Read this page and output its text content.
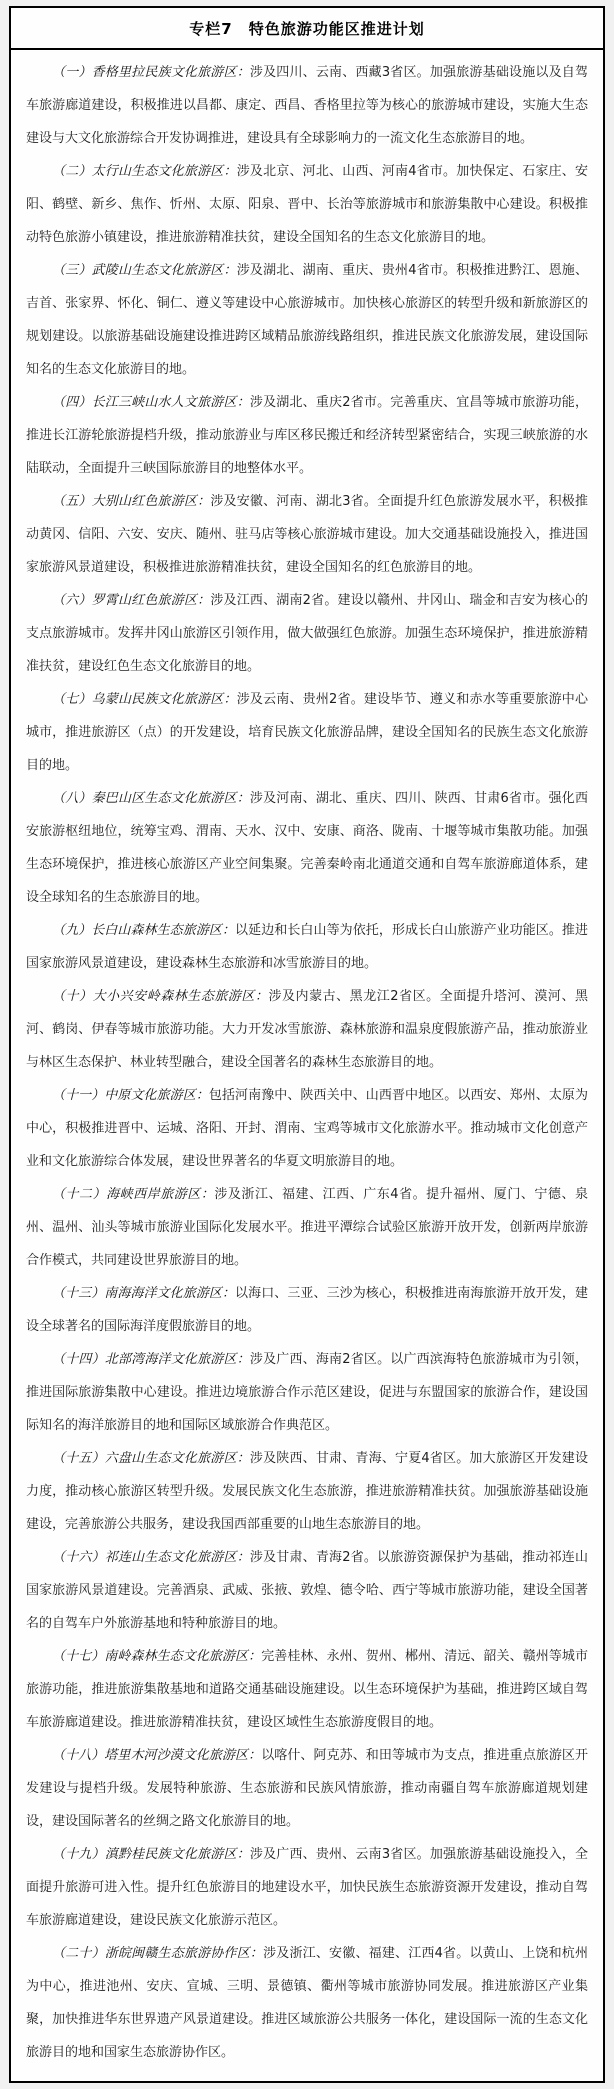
专栏7　特色旅游功能区推进计划

（一）香格里拉民族文化旅游区：涉及四川、云南、西藏3省区。加强旅游基础设施以及自驾车旅游廊道建设，积极推进以昌都、康定、西昌、香格里拉等为核心的旅游城市建设，实施大生态建设与大文化旅游综合开发协调推进，建设具有全球影响力的一流文化生态旅游目的地。

（二）太行山生态文化旅游区：涉及北京、河北、山西、河南4省市。加快保定、石家庄、安阳、鹤壁、新乡、焦作、忻州、太原、阳泉、晋中、长治等旅游城市和旅游集散中心建设。积极推动特色旅游小镇建设，推进旅游精准扶贫，建设全国知名的生态文化旅游目的地。

（三）武陵山生态文化旅游区：涉及湖北、湖南、重庆、贵州4省市。积极推进黔江、恩施、吉首、张家界、怀化、铜仁、遵义等建设中心旅游城市。加快核心旅游区的转型升级和新旅游区的规划建设。以旅游基础设施建设推进跨区域精品旅游线路组织，推进民族文化旅游发展，建设国际知名的生态文化旅游目的地。

（四）长江三峡山水人文旅游区：涉及湖北、重庆2省市。完善重庆、宜昌等城市旅游功能，推进长江游轮旅游提档升级，推动旅游业与库区移民搬迁和经济转型紧密结合，实现三峡旅游的水陆联动，全面提升三峡国际旅游目的地整体水平。

（五）大别山红色旅游区：涉及安徽、河南、湖北3省。全面提升红色旅游发展水平，积极推动黄冈、信阳、六安、安庆、随州、驻马店等核心旅游城市建设。加大交通基础设施投入，推进国家旅游风景道建设，积极推进旅游精准扶贫，建设全国知名的红色旅游目的地。

（六）罗霄山红色旅游区：涉及江西、湖南2省。建设以赣州、井冈山、瑞金和吉安为核心的支点旅游城市。发挥井冈山旅游区引领作用，做大做强红色旅游。加强生态环境保护，推进旅游精准扶贫，建设红色生态文化旅游目的地。

（七）乌蒙山民族文化旅游区：涉及云南、贵州2省。建设毕节、遵义和赤水等重要旅游中心城市，推进旅游区（点）的开发建设，培育民族文化旅游品牌，建设全国知名的民族生态文化旅游目的地。

（八）秦巴山区生态文化旅游区：涉及河南、湖北、重庆、四川、陕西、甘肃6省市。强化西安旅游枢纽地位，统筹宝鸡、渭南、天水、汉中、安康、商洛、陇南、十堰等城市集散功能。加强生态环境保护，推进核心旅游区产业空间集聚。完善秦岭南北通道交通和自驾车旅游廊道体系，建设全球知名的生态旅游目的地。

（九）长白山森林生态旅游区：以延边和长白山等为依托，形成长白山旅游产业功能区。推进国家旅游风景道建设，建设森林生态旅游和冰雪旅游目的地。

（十）大小兴安岭森林生态旅游区：涉及内蒙古、黑龙江2省区。全面提升塔河、漠河、黑河、鹤岗、伊春等城市旅游功能。大力开发冰雪旅游、森林旅游和温泉度假旅游产品，推动旅游业与林区生态保护、林业转型融合，建设全国著名的森林生态旅游目的地。

（十一）中原文化旅游区：包括河南豫中、陕西关中、山西晋中地区。以西安、郑州、太原为中心，积极推进晋中、运城、洛阳、开封、渭南、宝鸡等城市文化旅游水平。推动城市文化创意产业和文化旅游综合体发展，建设世界著名的华夏文明旅游目的地。

（十二）海峡西岸旅游区：涉及浙江、福建、江西、广东4省。提升福州、厦门、宁德、泉州、温州、汕头等城市旅游业国际化发展水平。推进平潭综合试验区旅游开放开发，创新两岸旅游合作模式，共同建设世界旅游目的地。

（十三）南海海洋文化旅游区：以海口、三亚、三沙为核心，积极推进南海旅游开放开发，建设全球著名的国际海洋度假旅游目的地。

（十四）北部湾海洋文化旅游区：涉及广西、海南2省区。以广西滨海特色旅游城市为引领，推进国际旅游集散中心建设。推进边境旅游合作示范区建设，促进与东盟国家的旅游合作，建设国际知名的海洋旅游目的地和国际区域旅游合作典范区。

（十五）六盘山生态文化旅游区：涉及陕西、甘肃、青海、宁夏4省区。加大旅游区开发建设力度，推动核心旅游区转型升级。发展民族文化生态旅游，推进旅游精准扶贫。加强旅游基础设施建设，完善旅游公共服务，建设我国西部重要的山地生态旅游目的地。

（十六）祁连山生态文化旅游区：涉及甘肃、青海2省。以旅游资源保护为基础，推动祁连山国家旅游风景道建设。完善酒泉、武威、张掖、敦煌、德令哈、西宁等城市旅游功能，建设全国著名的自驾车户外旅游基地和特种旅游目的地。

（十七）南岭森林生态文化旅游区：完善桂林、永州、贺州、郴州、清远、韶关、赣州等城市旅游功能，推进旅游集散基地和道路交通基础设施建设。以生态环境保护为基础，推进跨区域自驾车旅游廊道建设。推进旅游精准扶贫，建设区域性生态旅游度假目的地。

（十八）塔里木河沙漠文化旅游区：以喀什、阿克苏、和田等城市为支点，推进重点旅游区开发建设与提档升级。发展特种旅游、生态旅游和民族风情旅游，推动南疆自驾车旅游廊道规划建设，建设国际著名的丝绸之路文化旅游目的地。

（十九）滇黔桂民族文化旅游区：涉及广西、贵州、云南3省区。加强旅游基础设施投入，全面提升旅游可进入性。提升红色旅游目的地建设水平，加快民族生态旅游资源开发建设，推动自驾车旅游廊道建设，建设民族文化旅游示范区。

（二十）浙皖闽赣生态旅游协作区：涉及浙江、安徽、福建、江西4省。以黄山、上饶和杭州为中心，推进池州、安庆、宣城、三明、景德镇、衢州等城市旅游协同发展。推进旅游区产业集聚，加快推进华东世界遗产风景道建设。推进区域旅游公共服务一体化，建设国际一流的生态文化旅游目的地和国家生态旅游协作区。
